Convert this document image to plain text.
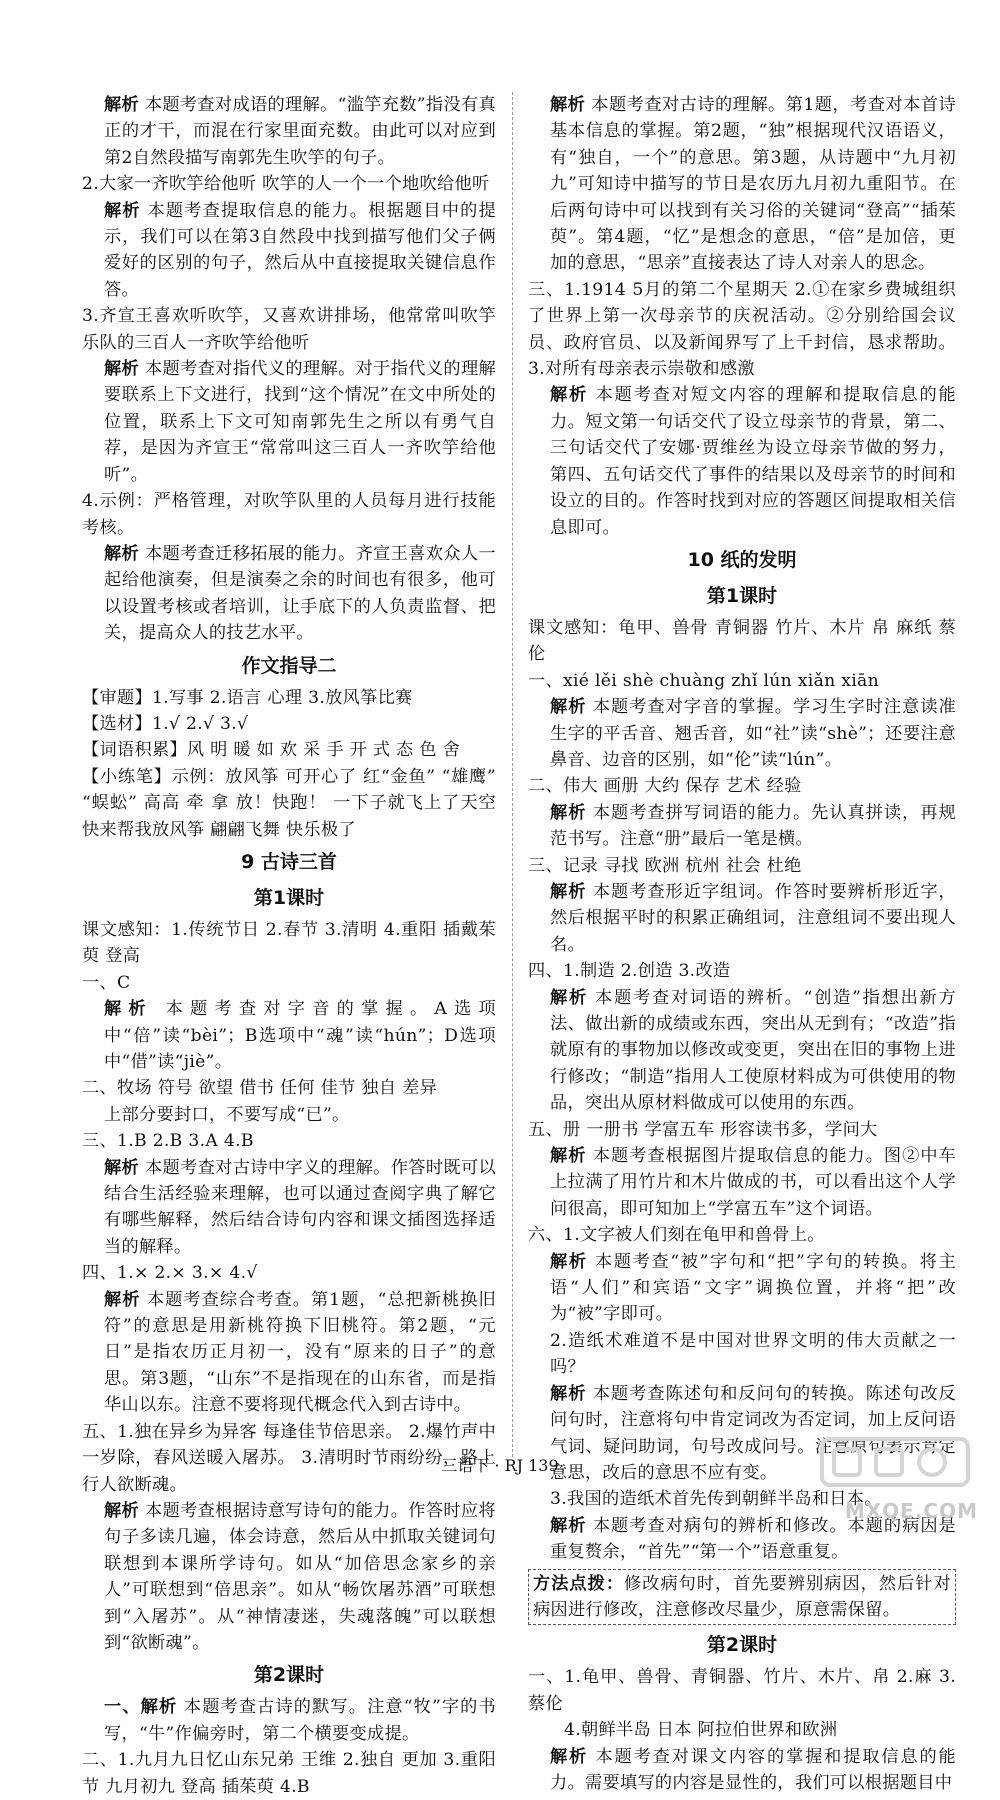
解析 本题考查对成语的理解。“滥竽充数”指没有真正的才干，而混在行家里面充数。由此可以对应到第2自然段描写南郭先生吹竽的句子。

2.大家一齐吹竽给他听 吹竽的人一个一个地吹给他听

解析 本题考查提取信息的能力。根据题目中的提示，我们可以在第3自然段中找到描写他们父子俩爱好的区别的句子，然后从中直接提取关键信息作答。

3.齐宣王喜欢听吹竽，又喜欢讲排场，他常常叫吹竽乐队的三百人一齐吹竽给他听

解析 本题考查对指代义的理解。对于指代义的理解要联系上下文进行，找到“这个情况”在文中所处的位置，联系上下文可知南郭先生之所以有勇气自荐，是因为齐宣王“常常叫这三百人一齐吹竽给他听”。

4.示例：严格管理，对吹竽队里的人员每月进行技能考核。

解析 本题考查迁移拓展的能力。齐宣王喜欢众人一起给他演奏，但是演奏之余的时间也有很多，他可以设置考核或者培训，让手底下的人负责监督、把关，提高众人的技艺水平。

作文指导二

【审题】1.写事 2.语言 心理 3.放风筝比赛

【选材】1.√ 2.√ 3.√

【词语积累】风 明 暖 如 欢 采 手 开 式 态 色 舍

【小练笔】示例：放风筝 可开心了 红“金鱼” “雄鹰” “蜈蚣” 高高 牵 拿 放！快跑！ 一下子就飞上了天空 快来帮我放风筝 翩翩飞舞 快乐极了

9 古诗三首
第1课时

课文感知：1.传统节日 2.春节 3.清明 4.重阳 插戴茱萸 登高

一、C

解析 本题考查对字音的掌握。A选项中“倍”读“bèi”；B选项中“魂”读“hún”；D选项中“借”读“jiè”。

二、牧场 符号 欲望 借书 任何 佳节 独自 差异

上部分要封口，不要写成“已”。

三、1.B 2.B 3.A 4.B

解析 本题考查对古诗中字义的理解。作答时既可以结合生活经验来理解，也可以通过查阅字典了解它有哪些解释，然后结合诗句内容和课文插图选择适当的解释。

四、1.× 2.× 3.× 4.√

解析 本题考查综合考查。第1题，“总把新桃换旧符”的意思是用新桃符换下旧桃符。第2题，“元日”是指农历正月初一，没有“原来的日子”的意思。第3题，“山东”不是指现在的山东省，而是指华山以东。注意不要将现代概念代入到古诗中。

五、1.独在异乡为异客 每逢佳节倍思亲。 2.爆竹声中一岁除，春风送暖入屠苏。 3.清明时节雨纷纷，路上行人欲断魂。

解析 本题考查根据诗意写诗句的能力。作答时应将句子多读几遍，体会诗意，然后从中抓取关键词句联想到本课所学诗句。如从“加倍思念家乡的亲人”可联想到“倍思亲”。如从“畅饮屠苏酒”可联想到“入屠苏”。从“神情凄迷，失魂落魄”可以联想到“欲断魂”。

第2课时

一、解析 本题考查古诗的默写。注意“牧”字的书写，“牛”作偏旁时，第二个横要变成提。

二、1.九月九日忆山东兄弟 王维 2.独自 更加 3.重阳节 九月初九 登高 插茱萸 4.B

解析 本题考查对古诗的理解。第1题，考查对本首诗基本信息的掌握。第2题，“独”根据现代汉语语义，有“独自，一个”的意思。第3题，从诗题中“九月初九”可知诗中描写的节日是农历九月初九重阳节。在后两句诗中可以找到有关习俗的关键词“登高”“插茱萸”。第4题，“忆”是想念的意思，“倍”是加倍，更加的意思，“思亲”直接表达了诗人对亲人的思念。

三、1.1914 5月的第二个星期天 2.①在家乡费城组织了世界上第一次母亲节的庆祝活动。②分别给国会议员、政府官员、以及新闻界写了上千封信，恳求帮助。 3.对所有母亲表示崇敬和感激

解析 本题考查对短文内容的理解和提取信息的能力。短文第一句话交代了设立母亲节的背景，第二、三句话交代了安娜·贾维丝为设立母亲节做的努力，第四、五句话交代了事件的结果以及母亲节的时间和设立的目的。作答时找到对应的答题区间提取相关信息即可。

10 纸的发明
第1课时

课文感知：龟甲、兽骨 青铜器 竹片、木片 帛 麻纸 蔡伦

一、xié lěi shè chuàng zhǐ lún xiǎn xiān

解析 本题考查对字音的掌握。学习生字时注意读准生字的平舌音、翘舌音，如“社”读“shè”；还要注意鼻音、边音的区别，如“伦”读“lún”。

二、伟大 画册 大约 保存 艺术 经验

解析 本题考查拼写词语的能力。先认真拼读，再规范书写。注意“册”最后一笔是横。

三、记录 寻找 欧洲 杭州 社会 杜绝

解析 本题考查形近字组词。作答时要辨析形近字，然后根据平时的积累正确组词，注意组词不要出现人名。

四、1.制造 2.创造 3.改造

解析 本题考查对词语的辨析。“创造”指想出新方法、做出新的成绩或东西，突出从无到有；“改造”指就原有的事物加以修改或变更，突出在旧的事物上进行修改；“制造”指用人工使原材料成为可供使用的物品，突出从原材料做成可以使用的东西。

五、册 一册书 学富五车 形容读书多，学问大

解析 本题考查根据图片提取信息的能力。图②中车上拉满了用竹片和木片做成的书，可以看出这个人学问很高，即可知加上“学富五车”这个词语。

六、1.文字被人们刻在龟甲和兽骨上。

解析 本题考查“被”字句和“把”字句的转换。将主语“人们”和宾语“文字”调换位置，并将“把”改为“被”字即可。

2.造纸术难道不是中国对世界文明的伟大贡献之一吗？

解析 本题考查陈述句和反问句的转换。陈述句改反问句时，注意将句中肯定词改为否定词，加上反问语气词、疑问助词，句号改成问号。注意原句表示肯定意思，改后的意思不应有变。

3.我国的造纸术首先传到朝鲜半岛和日本。

解析 本题考查对病句的辨析和修改。本题的病因是重复赘余，“首先”“第一个”语意重复。

方法点拨：修改病句时，首先要辨别病因，然后针对病因进行修改，注意修改尽量少，原意需保留。

第2课时

一、1.龟甲、兽骨、青铜器、竹片、木片、帛 2.麻 3.蔡伦

4.朝鲜半岛 日本 阿拉伯世界和欧洲

解析 本题考查对课文内容的掌握和提取信息的能力。需要填写的内容是显性的，我们可以根据题目中

三语下 · RJ 139
MXQE.COM
